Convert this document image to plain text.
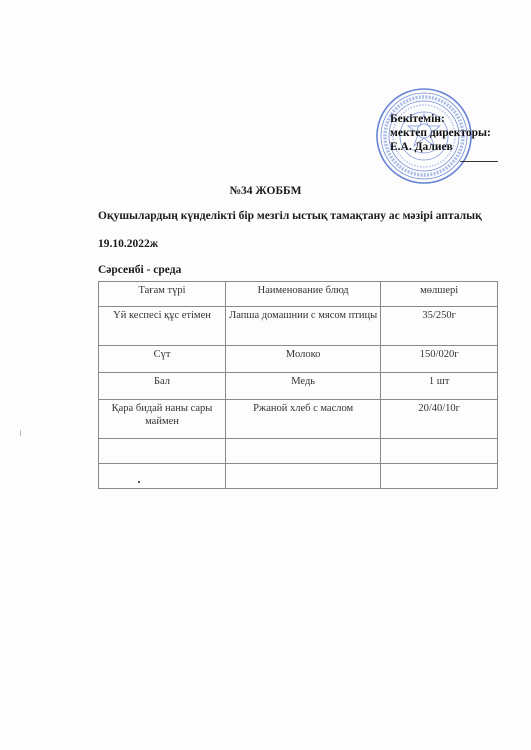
Бекітемін:
мектеп директоры:
Е.А. Далиев
№34 ЖОББМ
Оқушылардың күнделікті бір мезгіл ыстық тамақтану ас мәзірі апталық
19.10.2022ж
Сәрсенбі - среда
Тағам түрі	Наименование блюд	мөлшері
Үй кеспесі құс етімен	Лапша домашнии с мясом птицы	35/250г
Сүт	Молоко	150/020г
Бал	Медь	1 шт
Қара бидай наны сары маймен	Ржаной хлеб с маслом	20/40/10г
